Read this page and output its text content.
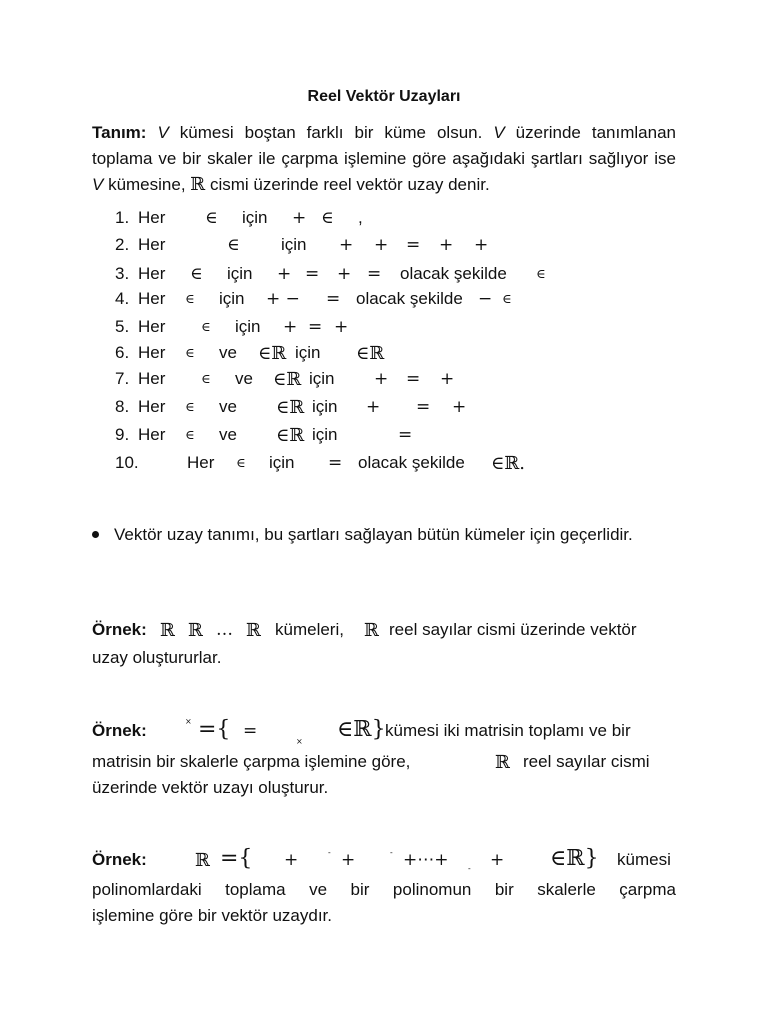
Reel Vektör Uzayları
Tanım: V kümesi boştan farklı bir küme olsun. V üzerinde tanımlanan toplama ve bir skaler ile çarpma işlemine göre aşağıdaki şartları sağlıyor ise V kümesine, ℝ cismi üzerinde reel vektör uzay denir.
1. Her ∈ için + ∈ ,
2. Her	∈ için + + = + +
3. Her ∈ için + = + = olacak şekilde ∈
4. Her ∈ için + − = olacak şekilde − ∈
5. Her	∈ için + = +
6. Her ∈ ve ∈ℝ için ∈ℝ
7. Her	∈ ve ∈ℝ için + = +
8. Her ∈ ve ∈ℝ için + = +
9. Her ∈ ve ∈ℝ için	=
10.	Her ∈ için = olacak şekilde ∈ℝ.
Vektör uzay tanımı, bu şartları sağlayan bütün kümeler için geçerlidir.
Örnek: ℝ ℝ … ℝ kümeleri, ℝ reel sayılar cismi üzerinde vektör
uzay oluştururlar.
Örnek:	× ={ =
× ∈ℝ} kümesi iki matrisin toplamı ve bir
matrisin bir skalerle çarpma işlemine göre,	ℝ reel sayılar cismi
üzerinde vektör uzayı oluşturur.
Örnek:	ℝ ={ +	- +	- +⋯+ - + ∈ℝ} kümesi
polinomlardaki toplama ve bir polinomun bir skalerle çarpma
işlemine göre bir vektör uzaydır.
